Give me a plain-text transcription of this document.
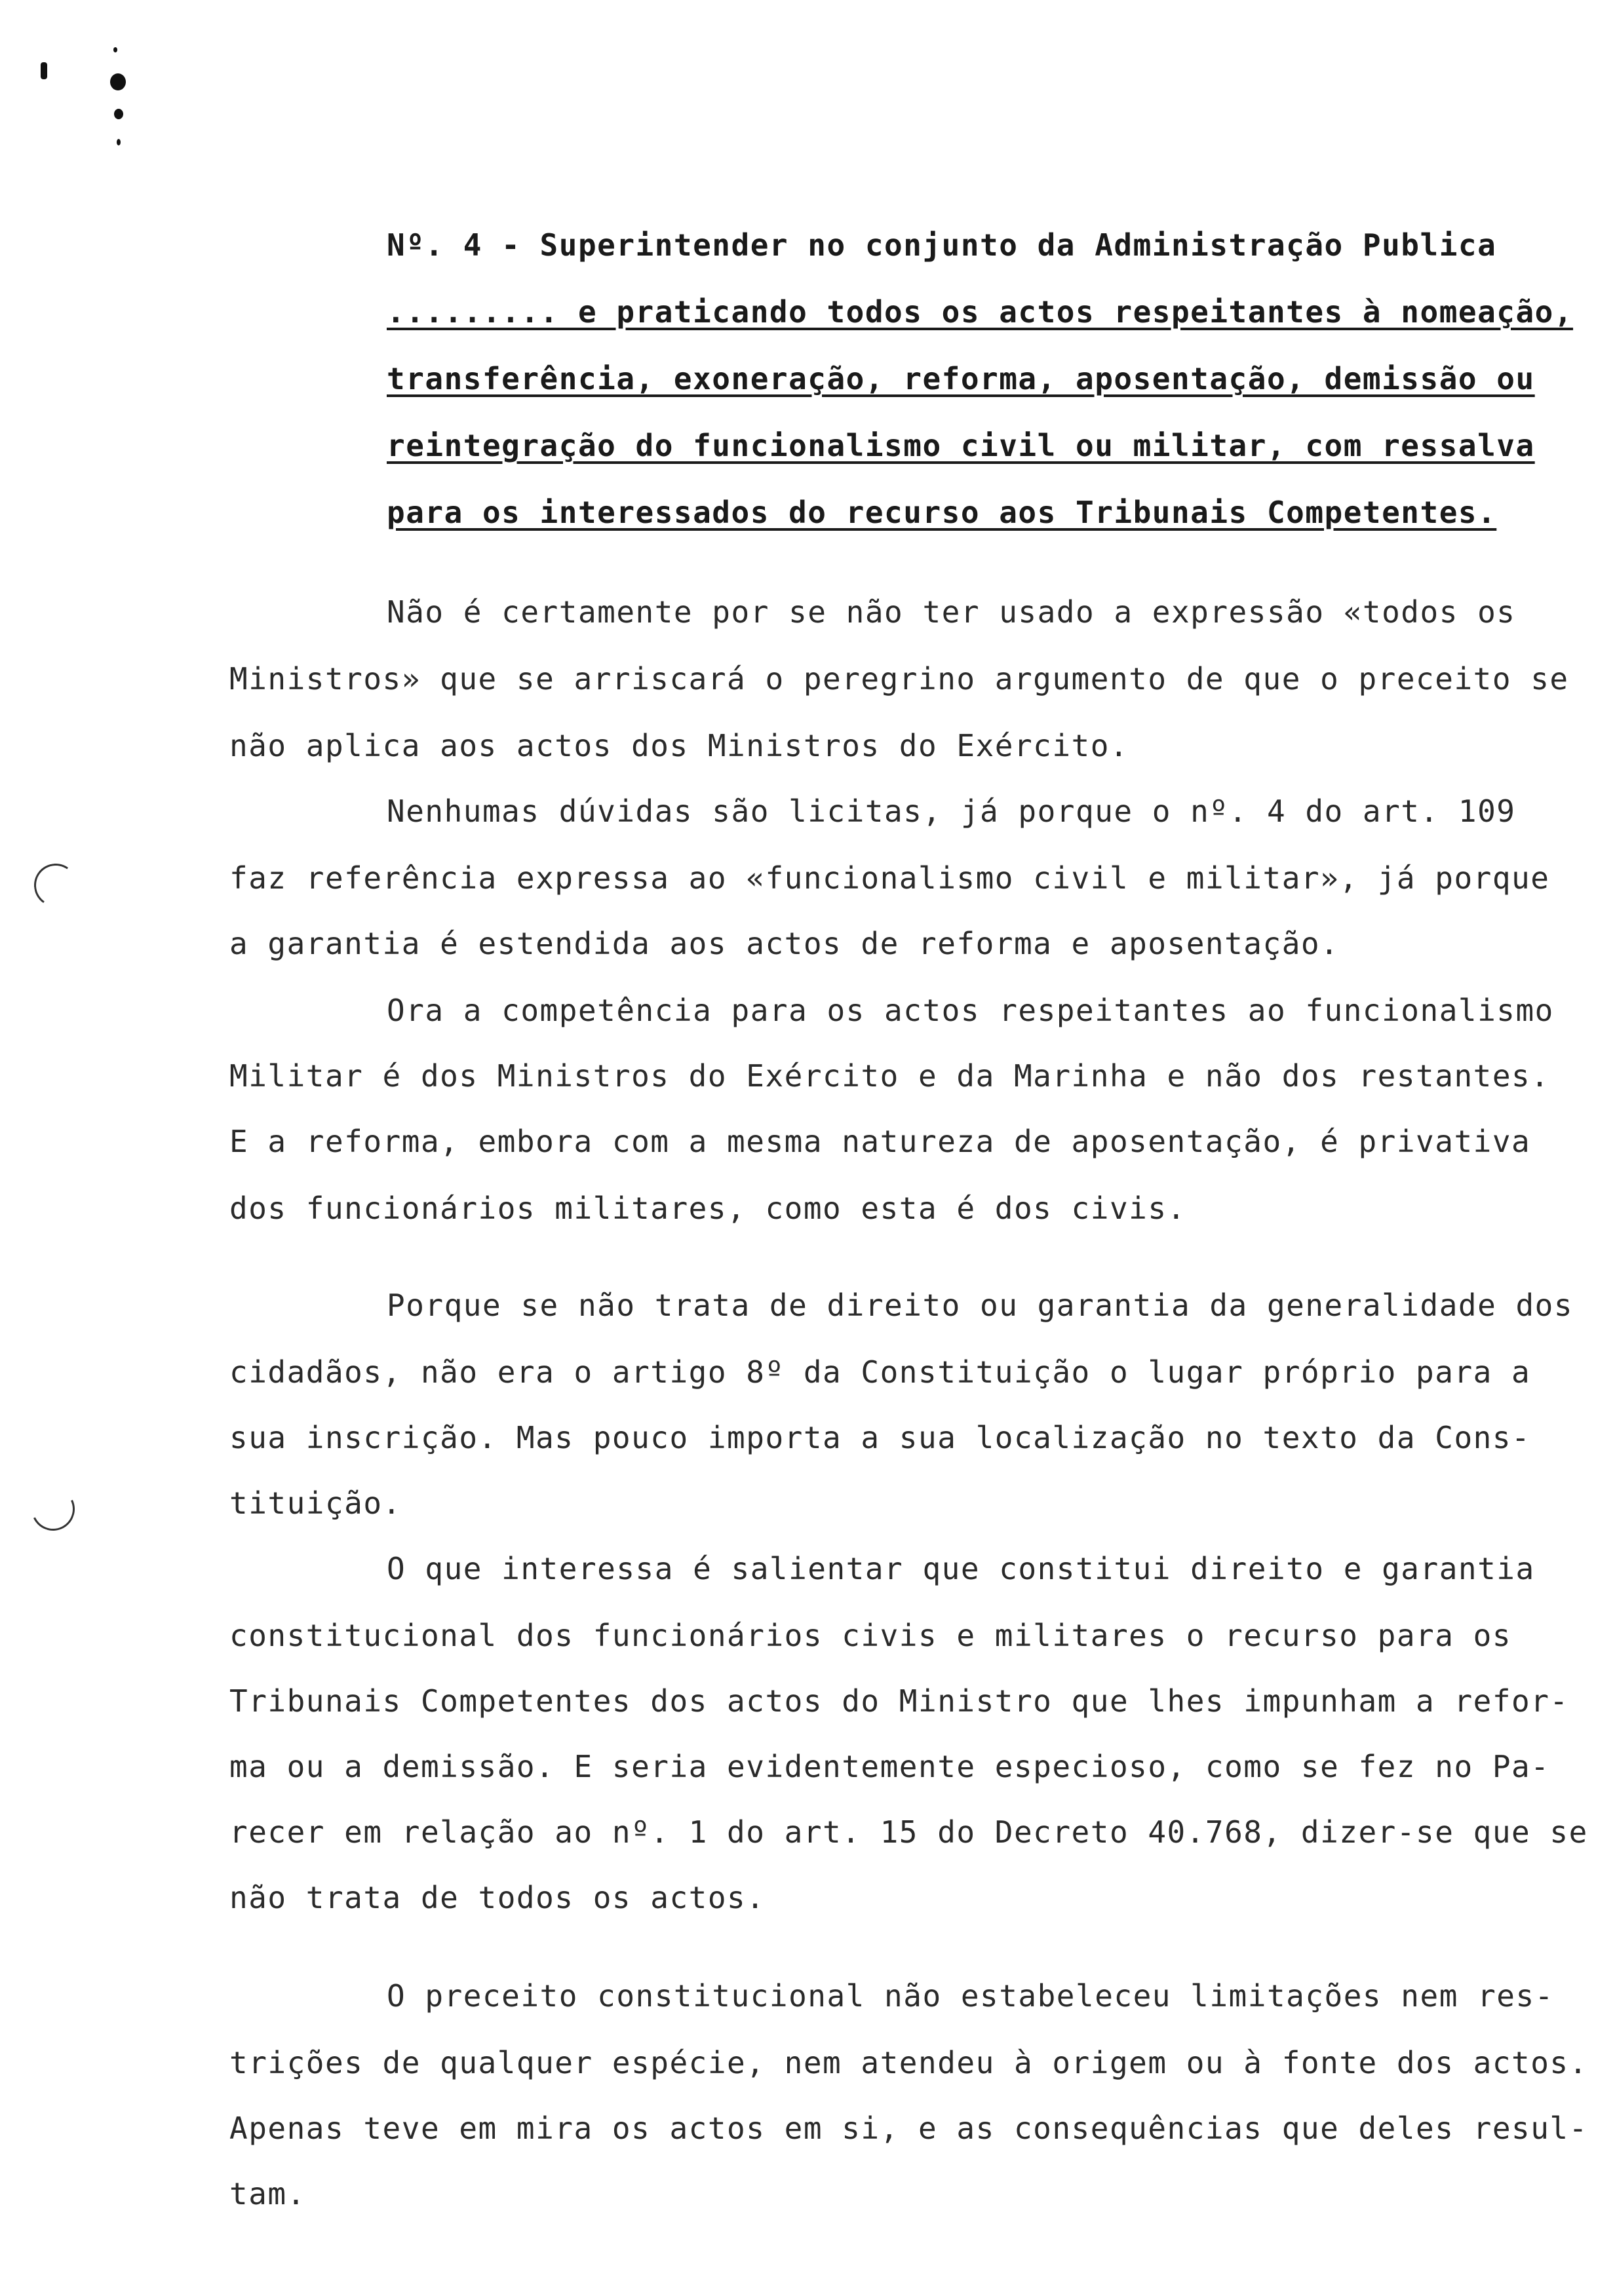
Nº. 4 - Superintender no conjunto da Administração Publica

......... e praticando todos os actos respeitantes à nomeação,

transferência, exoneração, reforma, aposentação, demissão ou

reintegração do funcionalismo civil ou militar, com ressalva

para os interessados do recurso aos Tribunais Competentes.

Não é certamente por se não ter usado a expressão «todos os

Ministros» que se arriscará o peregrino argumento de que o preceito se

não aplica aos actos dos Ministros do Exército.

Nenhumas dúvidas são licitas, já porque o nº. 4 do art. 109

faz referência expressa ao «funcionalismo civil e militar», já porque

a garantia é estendida aos actos de reforma e aposentação.

Ora a competência para os actos respeitantes ao funcionalismo

Militar é dos Ministros do Exército e da Marinha e não dos restantes.

E a reforma, embora com a mesma natureza de aposentação, é privativa

dos funcionários militares, como esta é dos civis.

Porque se não trata de direito ou garantia da generalidade dos

cidadãos, não era o artigo 8º da Constituição o lugar próprio para a

sua inscrição. Mas pouco importa a sua localização no texto da Cons-

tituição.

O que interessa é salientar que constitui direito e garantia

constitucional dos funcionários civis e militares o recurso para os

Tribunais Competentes dos actos do Ministro que lhes impunham a refor-

ma ou a demissão. E seria evidentemente especioso, como se fez no Pa-

recer em relação ao nº. 1 do art. 15 do Decreto 40.768, dizer-se que se

não trata de todos os actos.

O preceito constitucional não estabeleceu limitações nem res-

trições de qualquer espécie, nem atendeu à origem ou à fonte dos actos.

Apenas teve em mira os actos em si, e as consequências que deles resul-

tam.
